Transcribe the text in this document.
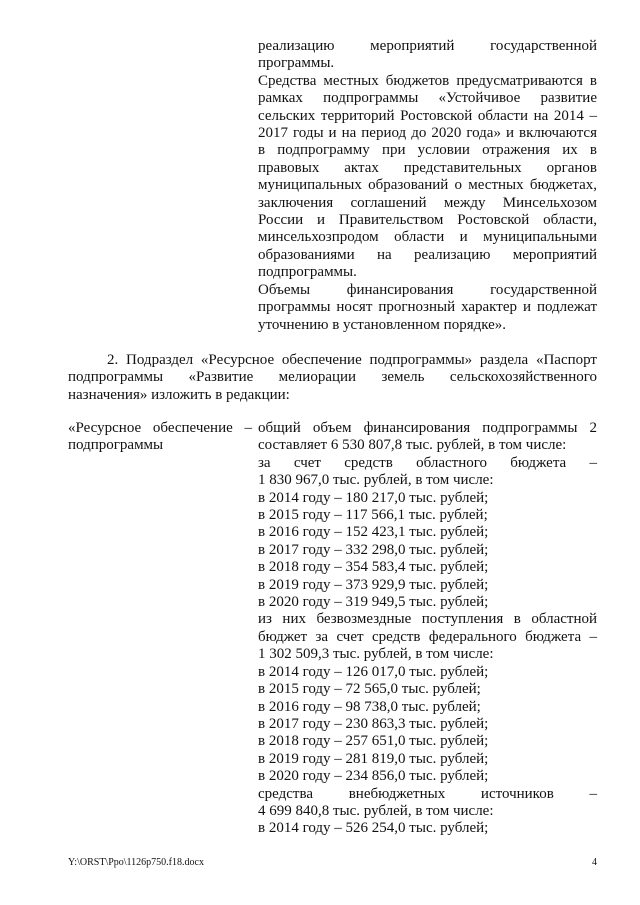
реализацию мероприятий государственной
программы.
Средства местных бюджетов предусматриваются в
рамках подпрограммы «Устойчивое развитие
сельских территорий Ростовской области на 2014 –
2017 годы и на период до 2020 года» и включаются
в подпрограмму при условии отражения их в
правовых актах представительных органов
муниципальных образований о местных бюджетах,
заключения соглашений между Минсельхозом
России и Правительством Ростовской области,
минсельхозпродом области и муниципальными
образованиями на реализацию мероприятий
подпрограммы.
Объемы финансирования государственной
программы носят прогнозный характер и подлежат
уточнению в установленном порядке».
2. Подраздел «Ресурсное обеспечение подпрограммы» раздела «Паспорт
подпрограммы «Развитие мелиорации земель сельскохозяйственного
назначения» изложить в редакции:
«Ресурсное обеспечение –
подпрограммы
общий объем финансирования подпрограммы 2
составляет 6 530 807,8 тыс. рублей, в том числе:
за счет средств областного бюджета –
1 830 967,0 тыс. рублей, в том числе:
в 2014 году – 180 217,0 тыс. рублей;
в 2015 году – 117 566,1 тыс. рублей;
в 2016 году – 152 423,1 тыс. рублей;
в 2017 году – 332 298,0 тыс. рублей;
в 2018 году – 354 583,4 тыс. рублей;
в 2019 году – 373 929,9 тыс. рублей;
в 2020 году – 319 949,5 тыс. рублей;
из них безвозмездные поступления в областной
бюджет за счет средств федерального бюджета –
1 302 509,3 тыс. рублей, в том числе:
в 2014 году – 126 017,0 тыс. рублей;
в 2015 году – 72 565,0 тыс. рублей;
в 2016 году – 98 738,0 тыс. рублей;
в 2017 году – 230 863,3 тыс. рублей;
в 2018 году – 257 651,0 тыс. рублей;
в 2019 году – 281 819,0 тыс. рублей;
в 2020 году – 234 856,0 тыс. рублей;
средства внебюджетных источников –
4 699 840,8 тыс. рублей, в том числе:
в 2014 году – 526 254,0 тыс. рублей;
Y:\ORST\Ppo\1126p750.f18.docx	4
